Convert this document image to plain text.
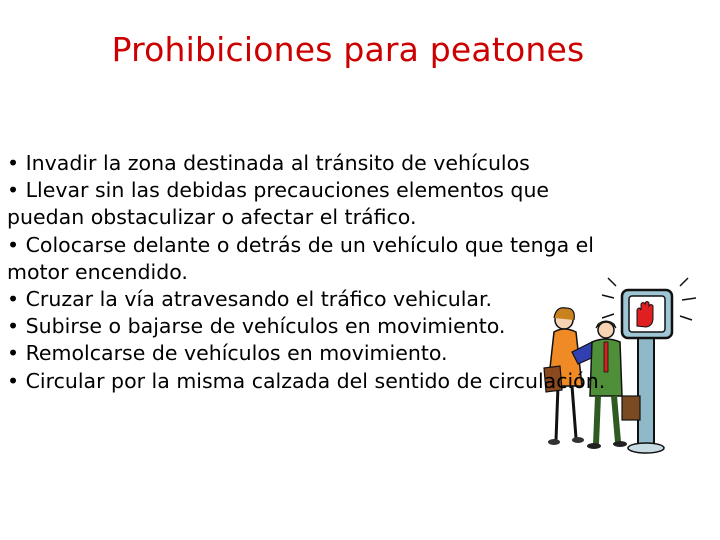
Prohibiciones para peatones
• Invadir la zona destinada al tránsito de vehículos
• Llevar sin las debidas precauciones elementos que
puedan obstaculizar o afectar el tráfico.
• Colocarse delante o detrás de un vehículo que tenga el
motor encendido.
• Cruzar la vía atravesando el tráfico vehicular.
• Subirse o bajarse de vehículos en movimiento.
• Remolcarse de vehículos en movimiento.
• Circular por la misma calzada del sentido de circulación.
